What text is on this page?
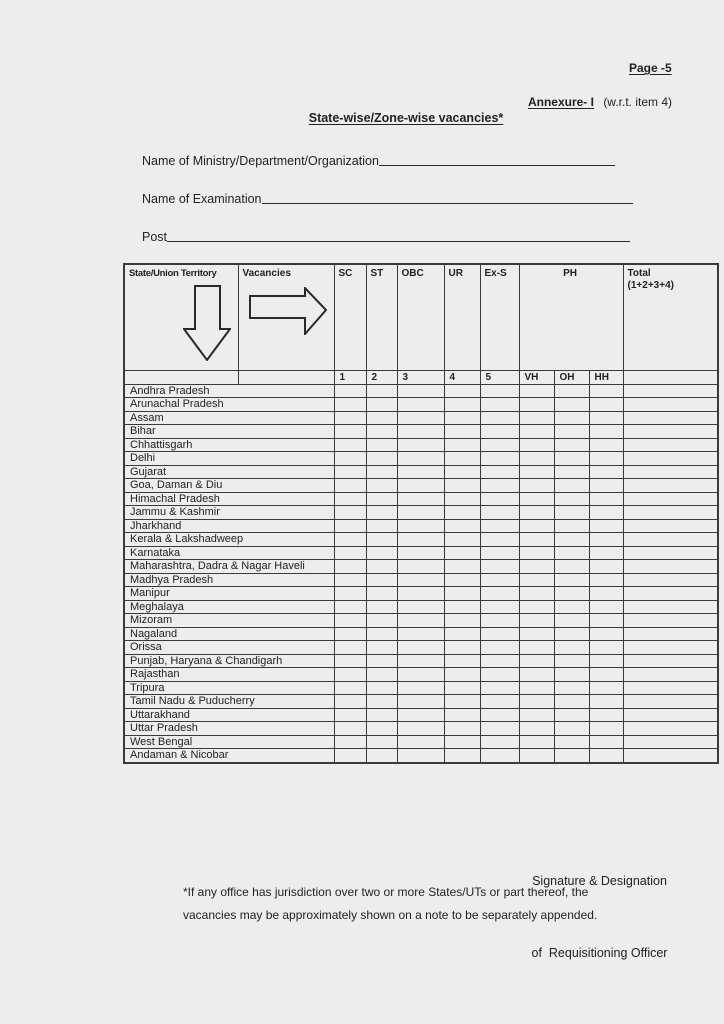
Page -5
Annexure- I (w.r.t. item 4)
State-wise/Zone-wise vacancies*
Name of Ministry/Department/Organization
Name of Examination
Post
State/Union Territory	Vacancies	SC	ST	OBC	UR	Ex-S	PH			Total
(1+2+3+4)

		1	2	3	4	5	VH	OH	HH	
Andhra Pradesh										
Arunachal Pradesh										
Assam										
Bihar										
Chhattisgarh										
Delhi										
Gujarat										
Goa, Daman & Diu										
Himachal Pradesh										
Jammu & Kashmir										
Jharkhand										
Kerala & Lakshadweep										
Karnataka										
Maharashtra, Dadra & Nagar Haveli										
Madhya Pradesh										
Manipur										
Meghalaya										
Mizoram										
Nagaland										
Orissa										
Punjab, Haryana & Chandigarh										
Rajasthan										
Tripura										
Tamil Nadu & Puducherry										
Uttarakhand										
Uttar Pradesh										
West Bengal										
Andaman & Nicobar										

Signature & Designation

of  Requisitioning Officer

*If any office has jurisdiction over two or more States/UTs or part thereof, the
vacancies may be approximately shown on a note to be separately appended.
